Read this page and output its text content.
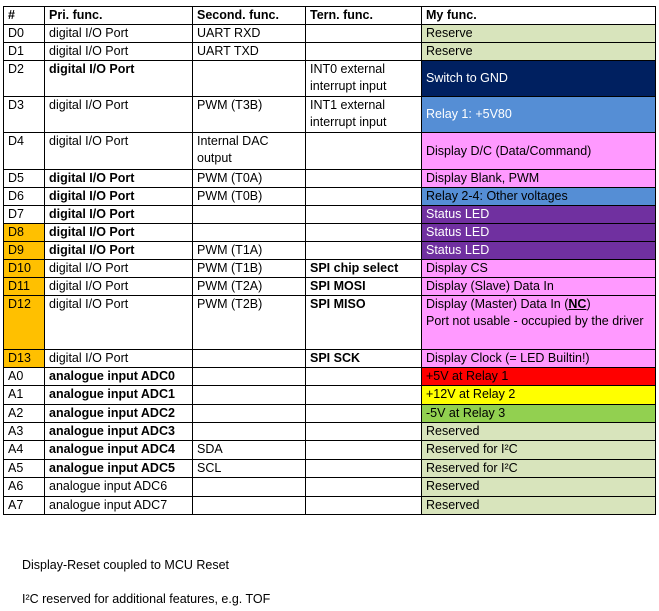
#	Pri. func.	Second. func.	Tern. func.	My func.
D0	digital I/O Port	UART RXD		Reserve
D1	digital I/O Port	UART TXD		Reserve
D2	digital I/O Port		INT0 external interrupt input	Switch to GND
D3	digital I/O Port	PWM (T3B)	INT1 external interrupt input	Relay 1: +5V80
D4	digital I/O Port	Internal DAC output		Display D/C (Data/Command)
D5	digital I/O Port	PWM (T0A)		Display Blank, PWM
D6	digital I/O Port	PWM (T0B)		Relay 2-4: Other voltages
D7	digital I/O Port			Status LED
D8	digital I/O Port			Status LED
D9	digital I/O Port	PWM (T1A)		Status LED
D10	digital I/O Port	PWM (T1B)	SPI chip select	Display CS
D11	digital I/O Port	PWM (T2A)	SPI MOSI	Display (Slave) Data In
D12	digital I/O Port	PWM (T2B)	SPI MISO	Display (Master) Data In (NC)
Port not usable - occupied by the driver
D13	digital I/O Port		SPI SCK	Display Clock (= LED Builtin!)
A0	analogue input ADC0			+5V at Relay 1
A1	analogue input ADC1			+12V at Relay 2
A2	analogue input ADC2			-5V at Relay 3
A3	analogue input ADC3			Reserved
A4	analogue input ADC4	SDA		Reserved for I²C
A5	analogue input ADC5	SCL		Reserved for I²C
A6	analogue input ADC6			Reserved
A7	analogue input ADC7			Reserved
Display-Reset coupled to MCU Reset
I²C reserved for additional features, e.g. TOF
